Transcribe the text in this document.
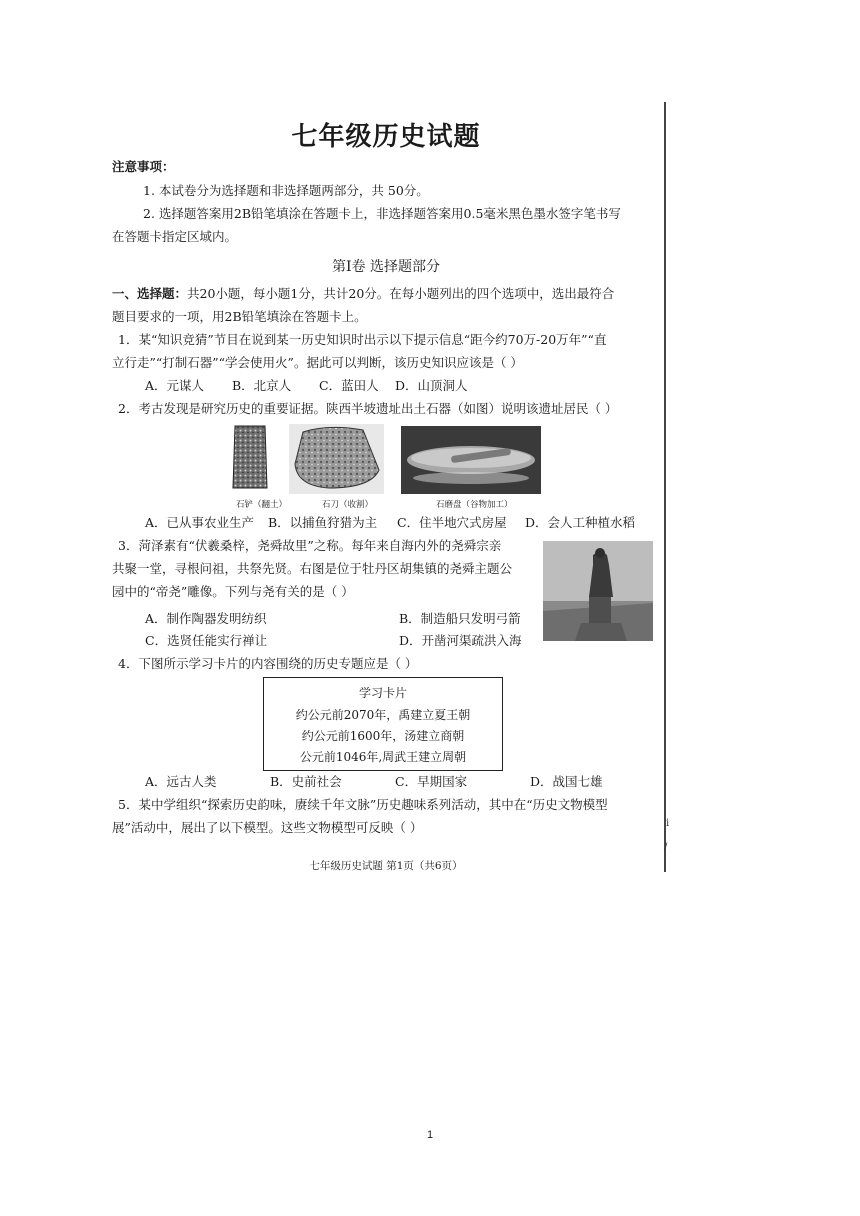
i
/
七年级历史试题
注意事项：
1. 本试卷分为选择题和非选择题两部分，共 50分。
2. 选择题答案用2B铅笔填涂在答题卡上，非选择题答案用0.5毫米黑色墨水签字笔书写
在答题卡指定区域内。
第Ⅰ卷 选择题部分
一、选择题：共20小题，每小题1分，共计20分。在每小题列出的四个选项中，选出最符合
题目要求的一项，用2B铅笔填涂在答题卡上。
1．某“知识竞猜”节目在说到某一历史知识时出示以下提示信息“距今约70万-20万年”“直
立行走”“打制石器”“学会使用火”。据此可以判断，该历史知识应该是（ ）
A．元谋人 B．北京人 C．蓝田人 D．山顶洞人
2．考古发现是研究历史的重要证据。陕西半坡遗址出土石器（如图）说明该遗址居民（ ）
石铲（翻土）	石刀（收割）	石磨盘（谷物加工）
A．已从事农业生产 B．以捕鱼狩猎为主 C．住半地穴式房屋 D．会人工种植水稻
3．菏泽素有“伏羲桑梓，尧舜故里”之称。每年来自海内外的尧舜宗亲
共聚一堂，寻根问祖，共祭先贤。右图是位于牡丹区胡集镇的尧舜主题公
园中的“帝尧”雕像。下列与尧有关的是（ ）
A．制作陶器发明纺织	B．制造船只发明弓箭
C．选贤任能实行禅让	D．开凿河渠疏洪入海
4．下图所示学习卡片的内容围绕的历史专题应是（ ）
学习卡片
约公元前2070年，禹建立夏王朝
约公元前1600年，汤建立商朝
公元前1046年,周武王建立周朝
A．远古人类	B．史前社会	C．早期国家	D．战国七雄
5．某中学组织“探索历史韵味，赓续千年文脉”历史趣味系列活动，其中在“历史文物模型
展”活动中，展出了以下模型。这些文物模型可反映（ ）
七年级历史试题 第1页（共6页）
1
